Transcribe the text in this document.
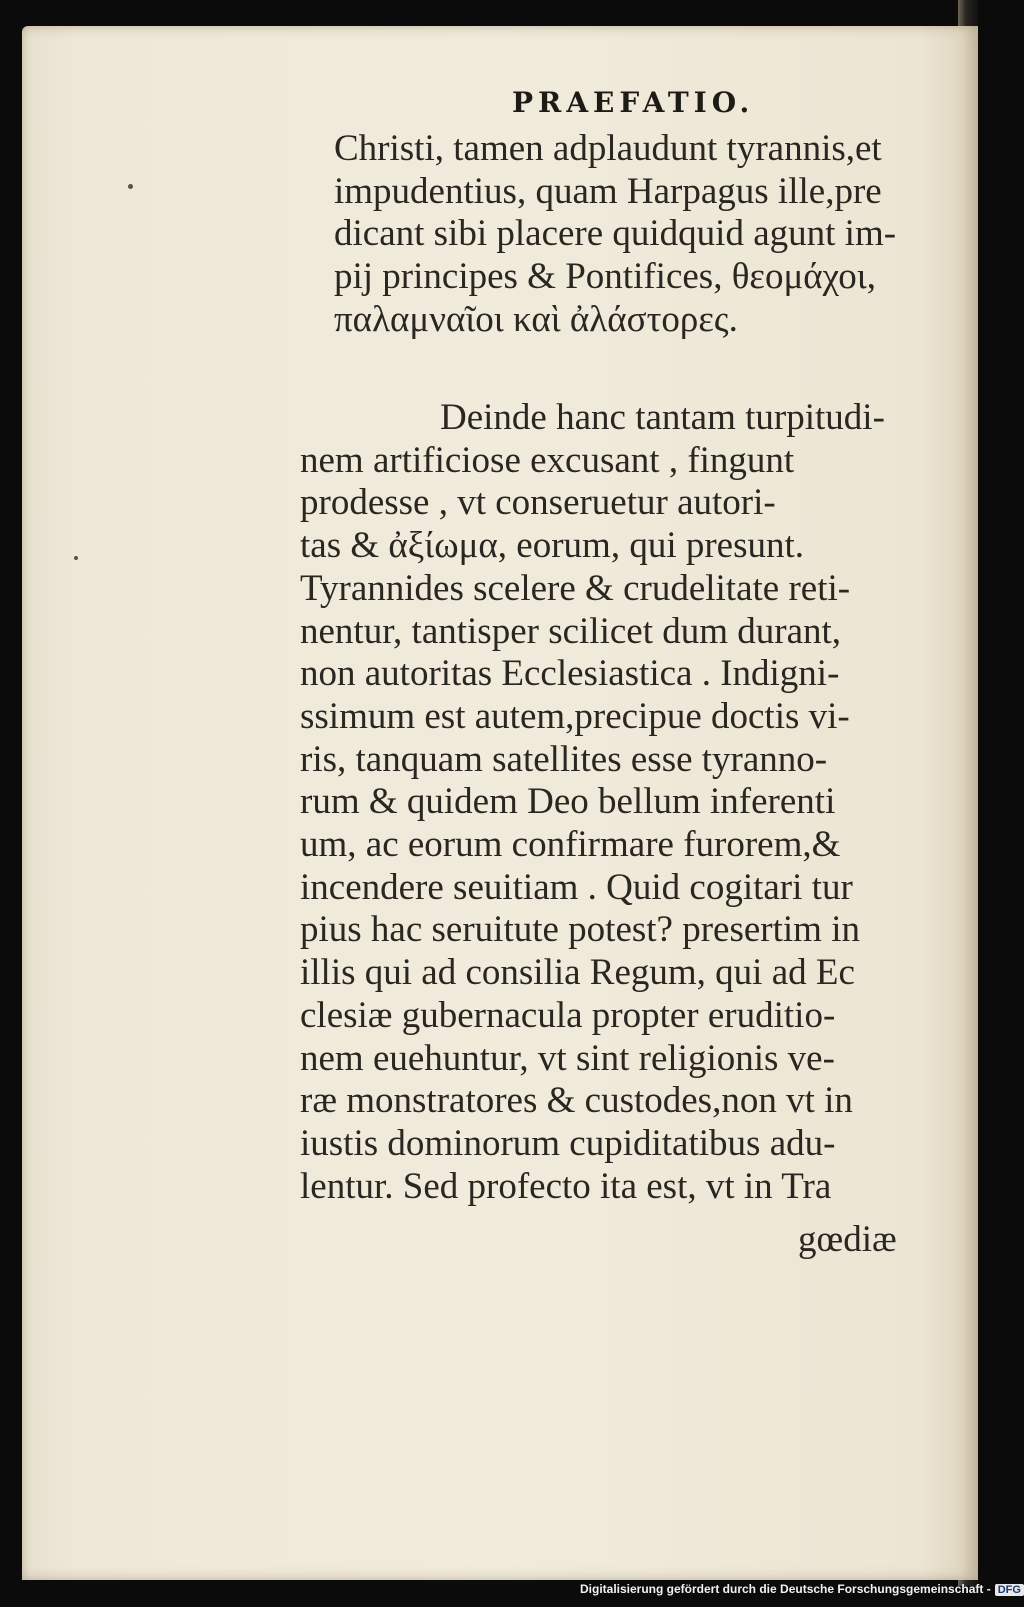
PRAEFATIO.
Christi, tamen adplaudunt tyrannis,et
impudentius, quam Harpagus ille,pre
dicant sibi placere quidquid agunt im-
pij principes & Pontifices, θεομάχοι,
παλαμναῖοι καὶ ἀλάστορες.
Deinde hanc tantam turpitudi-
nem artificiose excusant , fingunt
prodesse , vt conseruetur autori-
tas & ἀξίωμα, eorum, qui presunt.
Tyrannides scelere & crudelitate reti-
nentur, tantisper scilicet dum durant,
non autoritas Ecclesiastica . Indigni-
ssimum est autem,precipue doctis vi-
ris, tanquam satellites esse tyranno-
rum & quidem Deo bellum inferenti
um, ac eorum confirmare furorem,&
incendere seuitiam . Quid cogitari tur
pius hac seruitute potest? presertim in
illis qui ad consilia Regum, qui ad Ec
clesiæ gubernacula propter eruditio-
nem euehuntur, vt sint religionis ve-
ræ monstratores & custodes,non vt in
iustis dominorum cupiditatibus adu-
lentur. Sed profecto ita est, vt in Tra
gœdiæ
Digitalisierung gefördert durch die Deutsche Forschungsgemeinschaft - DFG
